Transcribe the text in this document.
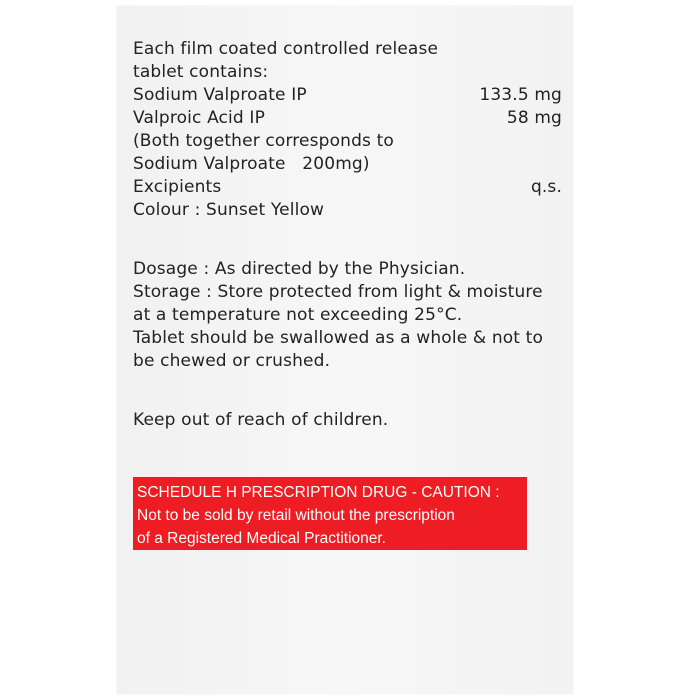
Each film coated controlled release
tablet contains:
Sodium Valproate IP	133.5 mg
Valproic Acid IP	58 mg
(Both together corresponds to
Sodium Valproate   200mg)
Excipients	q.s.
Colour : Sunset Yellow
Dosage : As directed by the Physician.
Storage : Store protected from light & moisture
at a temperature not exceeding 25°C.
Tablet should be swallowed as a whole & not to
be chewed or crushed.
Keep out of reach of children.
SCHEDULE H PRESCRIPTION DRUG - CAUTION :
Not to be sold by retail without the prescription
of a Registered Medical Practitioner.
